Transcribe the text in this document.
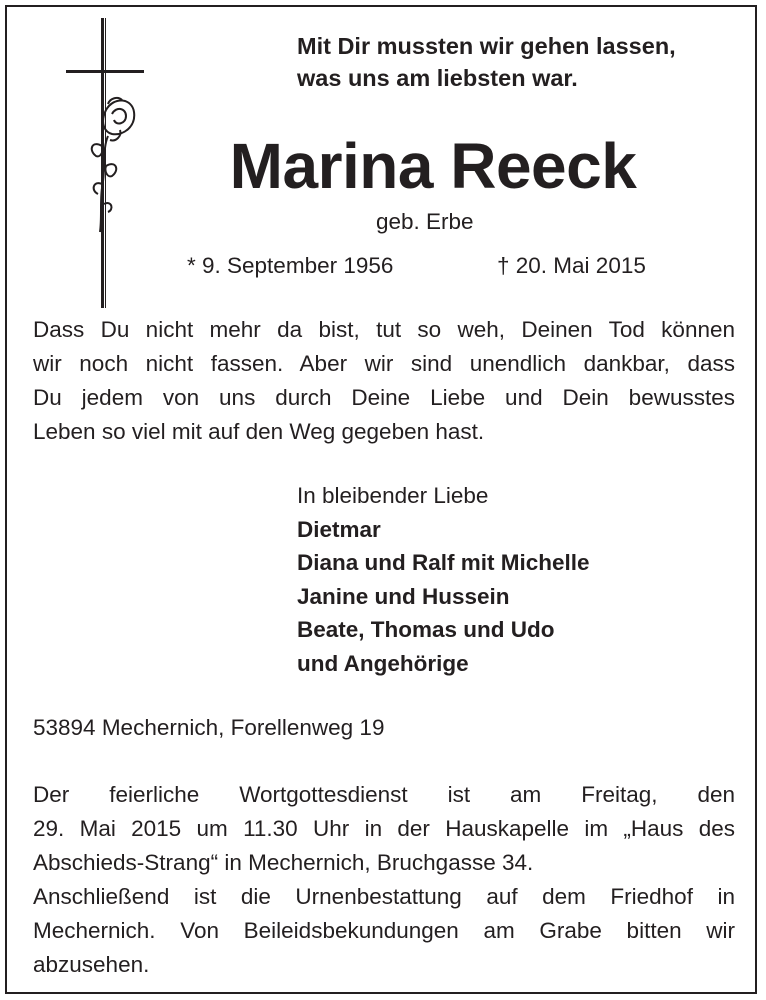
Mit Dir mussten wir gehen lassen,
was uns am liebsten war.
Marina Reeck
geb. Erbe
* 9. September 1956	† 20. Mai 2015
Dass Du nicht mehr da bist, tut so weh, Deinen Tod können
wir noch nicht fassen. Aber wir sind unendlich dankbar, dass
Du jedem von uns durch Deine Liebe und Dein bewusstes
Leben so viel mit auf den Weg gegeben hast.
In bleibender Liebe
Dietmar
Diana und Ralf mit Michelle
Janine und Hussein
Beate, Thomas und Udo
und Angehörige
53894 Mechernich, Forellenweg 19
Der feierliche Wortgottesdienst ist am Freitag, den
29. Mai 2015 um 11.30 Uhr in der Hauskapelle im „Haus des
Abschieds-Strang“ in Mechernich, Bruchgasse 34.
Anschließend ist die Urnenbestattung auf dem Friedhof in
Mechernich. Von Beileidsbekundungen am Grabe bitten wir
abzusehen.
